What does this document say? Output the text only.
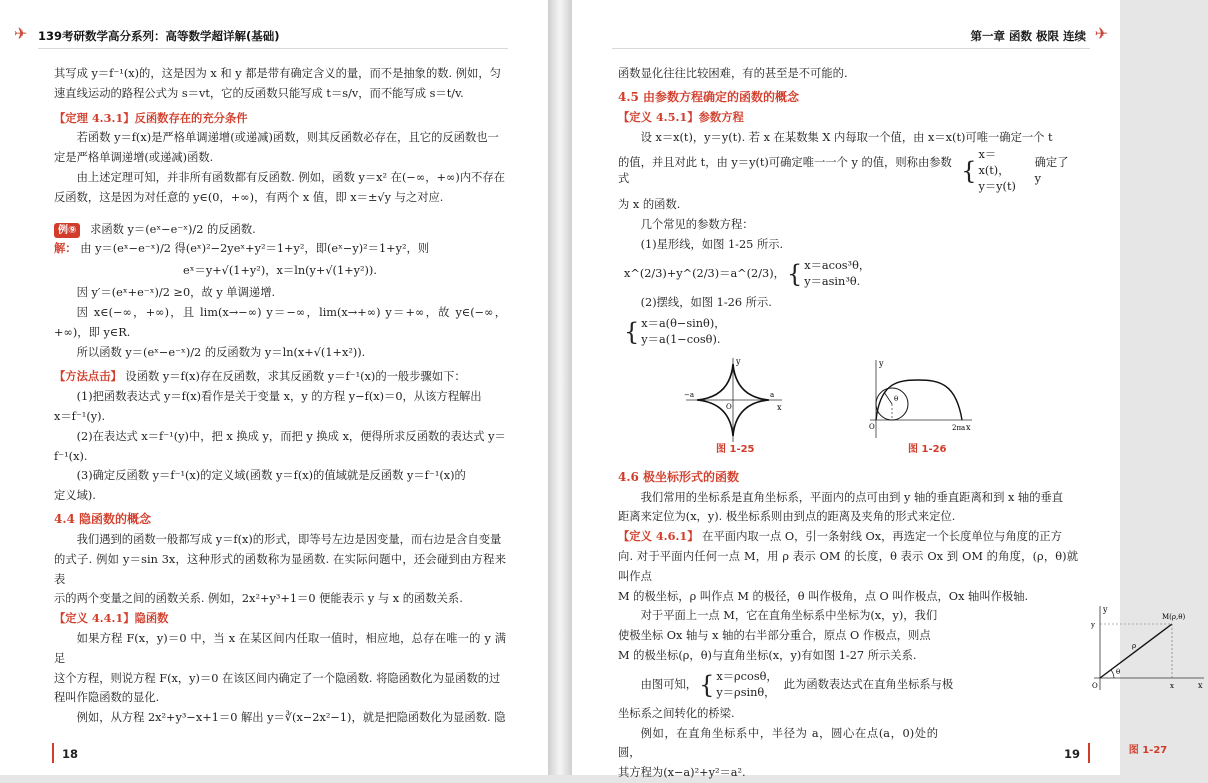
✈ 139考研数学高分系列：高等数学超详解(基础)

其写成 y＝f⁻¹(x)的，这是因为 x 和 y 都是带有确定含义的量，而不是抽象的数. 例如，匀

速直线运动的路程公式为 s＝vt，它的反函数只能写成 t＝s/v，而不能写成 s＝t/v.

【定理 4.3.1】反函数存在的充分条件

若函数 y＝f(x)是严格单调递增(或递减)函数，则其反函数必存在，且它的反函数也一

定是严格单调递增(或递减)函数.

由上述定理可知，并非所有函数都有反函数. 例如，函数 y＝x² 在(−∞，+∞)内不存在

反函数，这是因为对任意的 y∈(0，+∞)，有两个 x 值，即 x＝±√y 与之对应.

例⑨ 求函数 y＝(eˣ−e⁻ˣ)/2 的反函数.

解： 由 y＝(eˣ−e⁻ˣ)/2 得(eˣ)²−2yeˣ+y²＝1+y²，即(eˣ−y)²＝1+y²，则

eˣ＝y+√(1+y²)，x＝ln(y+√(1+y²)).

因 y′＝(eˣ+e⁻ˣ)/2 ≥0，故 y 单调递增.

因 x∈(−∞，+∞)，且 lim(x→−∞) y＝−∞，lim(x→+∞) y＝+∞，故 y∈(−∞，+∞)，即 y∈R.

所以函数 y＝(eˣ−e⁻ˣ)/2 的反函数为 y＝ln(x+√(1+x²)).

【方法点击】 设函数 y＝f(x)存在反函数，求其反函数 y＝f⁻¹(x)的一般步骤如下：

(1)把函数表达式 y＝f(x)看作是关于变量 x，y 的方程 y−f(x)＝0，从该方程解出

x＝f⁻¹(y).

(2)在表达式 x＝f⁻¹(y)中，把 x 换成 y，而把 y 换成 x，便得所求反函数的表达式 y＝

f⁻¹(x).

(3)确定反函数 y＝f⁻¹(x)的定义域(函数 y＝f(x)的值域就是反函数 y＝f⁻¹(x)的

定义域).

4.4 隐函数的概念

我们遇到的函数一般都写成 y＝f(x)的形式，即等号左边是因变量，而右边是含自变量

的式子. 例如 y＝sin 3x，这种形式的函数称为显函数. 在实际问题中，还会碰到由方程来表

示的两个变量之间的函数关系. 例如，2x²+y³+1＝0 便能表示 y 与 x 的函数关系.

【定义 4.4.1】隐函数

如果方程 F(x，y)＝0 中，当 x 在某区间内任取一值时，相应地，总存在唯一的 y 满足

这个方程，则说方程 F(x，y)＝0 在该区间内确定了一个隐函数. 将隐函数化为显函数的过

程叫作隐函数的显化.

例如，从方程 2x²+y³−x+1＝0 解出 y＝∛(x−2x²−1)，就是把隐函数化为显函数. 隐

18
第一章 函数 极限 连续 ✈

函数显化往往比较困难，有的甚至是不可能的.

4.5 由参数方程确定的函数的概念

【定义 4.5.1】参数方程

设 x＝x(t)，y＝y(t). 若 x 在某数集 X 内每取一个值，由 x＝x(t)可唯一确定一个 t

的值，并且对此 t，由 y＝y(t)可确定唯一一个 y 的值，则称由参数式	{
x＝x(t)，
y＝y(t)
确定了 y

为 x 的函数.

几个常见的参数方程：

(1)星形线，如图 1-25 所示.

x^(2/3)+y^(2/3)＝a^(2/3)， { x＝acos³θ，
y＝asin³θ.

(2)摆线，如图 1-26 所示.

{ x＝a(θ−sinθ)，
y＝a(1−cosθ).
y
x
a
−a
O
y
x
O
θ
2πa
图 1-25	图 1-26

4.6 极坐标形式的函数

我们常用的坐标系是直角坐标系，平面内的点可由到 y 轴的垂直距离和到 x 轴的垂直

距离来定位为(x，y). 极坐标系则由到点的距离及夹角的形式来定位.

【定义 4.6.1】 在平面内取一点 O，引一条射线 Ox，再选定一个长度单位与角度的正方

向. 对于平面内任何一点 M，用 ρ 表示 OM 的长度，θ 表示 Ox 到 OM 的角度，(ρ，θ)就叫作点

M 的极坐标，ρ 叫作点 M 的极径，θ 叫作极角，点 O 叫作极点，Ox 轴叫作极轴.

对于平面上一点 M，它在直角坐标系中坐标为(x，y)，我们

使极坐标 Ox 轴与 x 轴的右半部分重合，原点 O 作极点，则点

M 的极坐标(ρ，θ)与直角坐标(x，y)有如图 1-27 所示关系.

由图可知， { x＝ρcosθ，
y＝ρsinθ，
此为函数表达式在直角坐标系与极

坐标系之间转化的桥梁.

例如，在直角坐标系中，半径为 a，圆心在点(a，0)处的圆，

其方程为(x−a)²+y²＝a².

y
x
O
y
x
ρ
θ
M(ρ,θ)
图 1-27
19
